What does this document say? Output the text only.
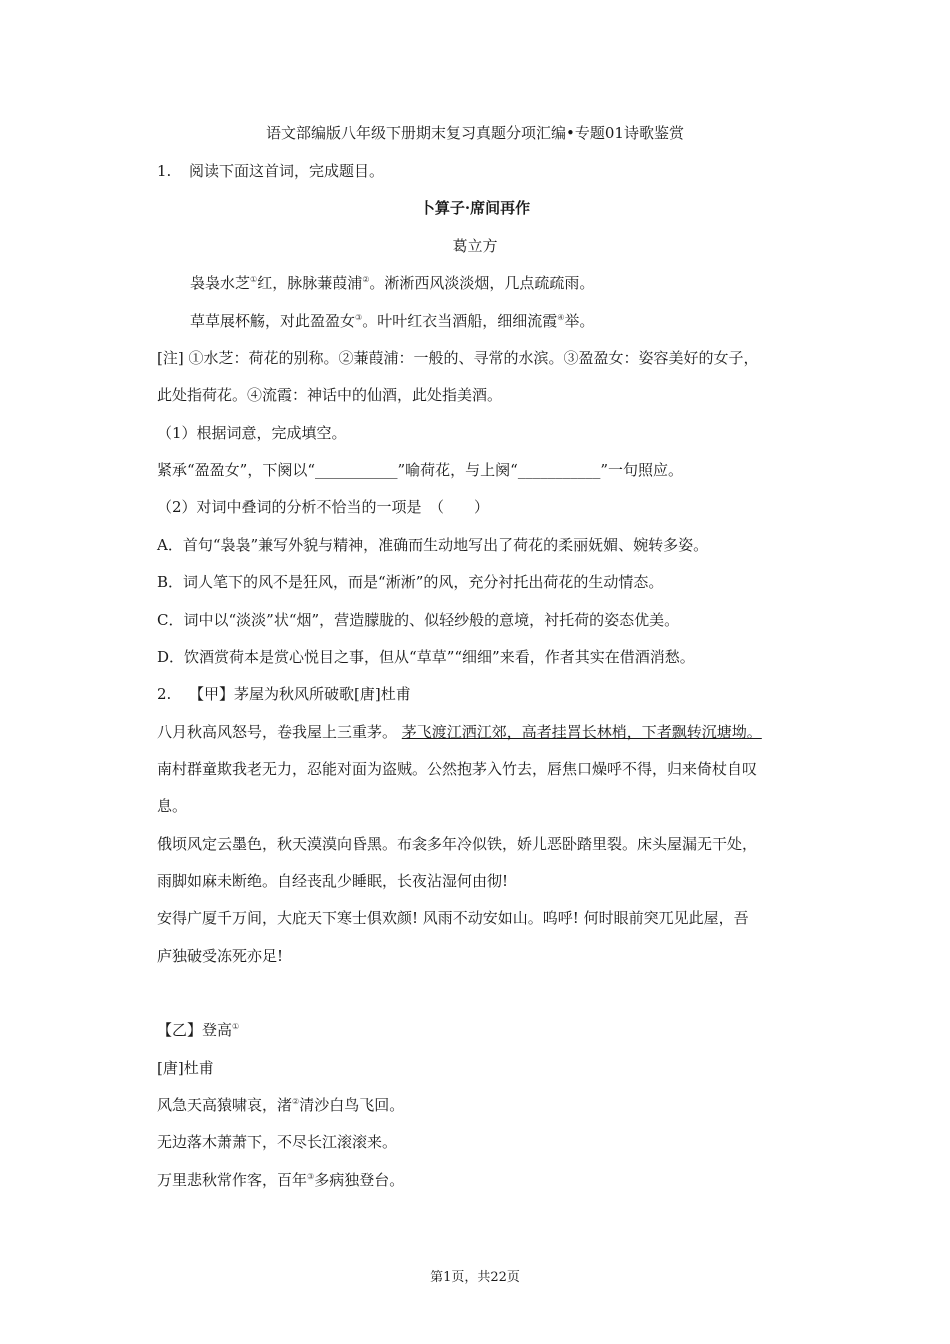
语文部编版八年级下册期末复习真题分项汇编•专题01诗歌鉴赏
1. 阅读下面这首词，完成题目。
卜算子·席间再作
葛立方
袅袅水芝①红，脉脉蒹葭浦②。淅淅西风淡淡烟，几点疏疏雨。
草草展杯觞，对此盈盈女③。叶叶红衣当酒船，细细流霞④举。
[注] ①水芝：荷花的别称。②蒹葭浦：一般的、寻常的水滨。③盈盈女：姿容美好的女子，
此处指荷花。④流霞：神话中的仙酒，此处指美酒。
（1）根据词意，完成填空。
紧承“盈盈女”，下阕以“___________”喻荷花，与上阕“___________”一句照应。
（2）对词中叠词的分析不恰当的一项是　（　　）
A．首句“袅袅”兼写外貌与精神，准确而生动地写出了荷花的柔丽妩媚、婉转多姿。
B．词人笔下的风不是狂风，而是“淅淅”的风，充分衬托出荷花的生动情态。
C．词中以“淡淡”状“烟”，营造朦胧的、似轻纱般的意境，衬托荷的姿态优美。
D．饮酒赏荷本是赏心悦目之事，但从“草草”“细细”来看，作者其实在借酒消愁。
2. 【甲】茅屋为秋风所破歌[唐]杜甫
八月秋高风怒号，卷我屋上三重茅。 茅飞渡江洒江郊，高者挂罥长林梢，下者飘转沉塘坳。
南村群童欺我老无力，忍能对面为盗贼。公然抱茅入竹去，唇焦口燥呼不得，归来倚杖自叹
息。
俄顷风定云墨色，秋天漠漠向昏黑。布衾多年冷似铁，娇儿恶卧踏里裂。床头屋漏无干处，
雨脚如麻未断绝。自经丧乱少睡眠，长夜沾湿何由彻!
安得广厦千万间，大庇天下寒士俱欢颜! 风雨不动安如山。呜呼! 何时眼前突兀见此屋，吾
庐独破受冻死亦足!
【乙】登高①
[唐]杜甫
风急天高猿啸哀，渚②清沙白鸟飞回。
无边落木萧萧下，不尽长江滚滚来。
万里悲秋常作客，百年③多病独登台。
第1页，共22页
